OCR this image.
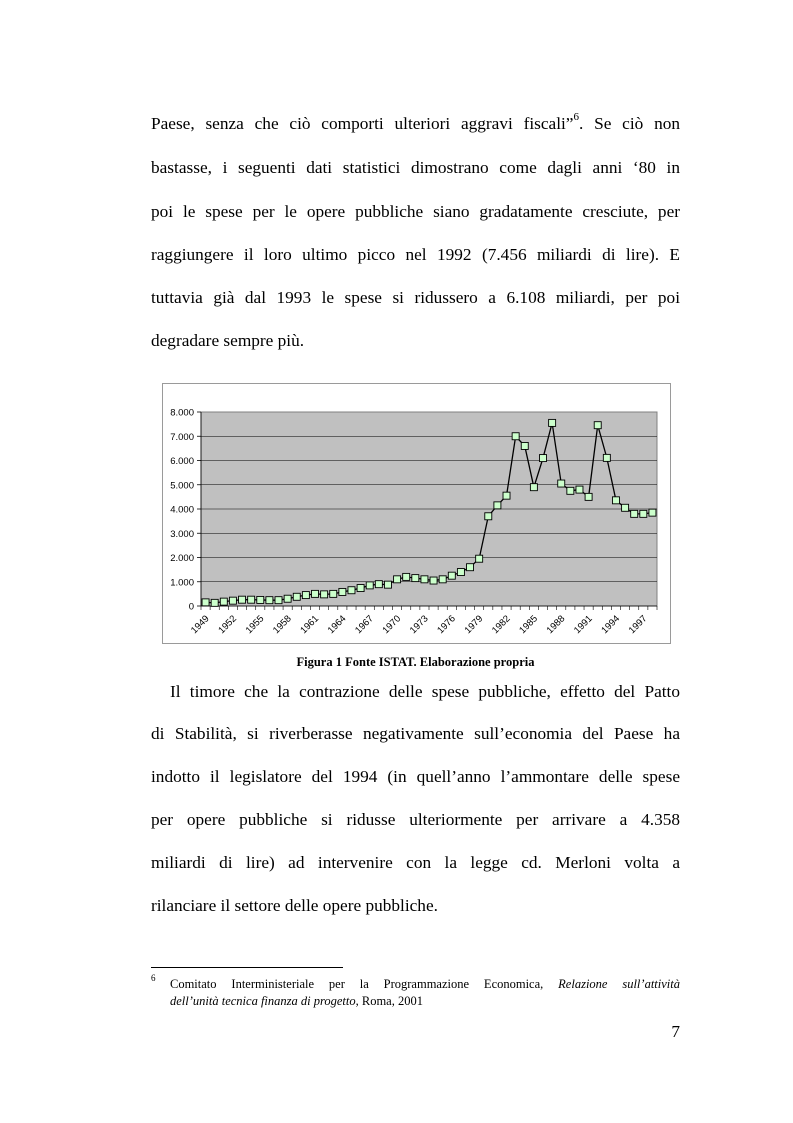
Paese, senza che ciò comporti ulteriori aggravi fiscali”$^6$. Se ciò non
bastasse, i seguenti dati statistici dimostrano come dagli anni ‘80 in
poi le spese per le opere pubbliche siano gradatamente cresciute, per
raggiungere il loro ultimo picco nel 1992 (7.456 miliardi di lire). E
tuttavia già dal 1993 le spese si ridussero a 6.108 miliardi, per poi
degradare sempre più.
0
1.000
2.000
3.000
4.000
5.000
6.000
7.000
8.000
1949 1952 1955 1958 1961 1964 1967 1970 1973 1976 1979 1982 1985 1988 1991 1994 1997
Figura 1 Fonte ISTAT. Elaborazione propria
Il timore che la contrazione delle spese pubbliche, effetto del Patto
di Stabilità, si riverberasse negativamente sull’economia del Paese ha
indotto il legislatore del 1994 (in quell’anno l’ammontare delle spese
per opere pubbliche si ridusse ulteriormente per arrivare a 4.358
miliardi di lire) ad intervenire con la legge cd. Merloni volta a
rilanciare il settore delle opere pubbliche.
6 Comitato Interministeriale per la Programmazione Economica, Relazione sull’attività
dell’unità tecnica finanza di progetto, Roma, 2001
7
